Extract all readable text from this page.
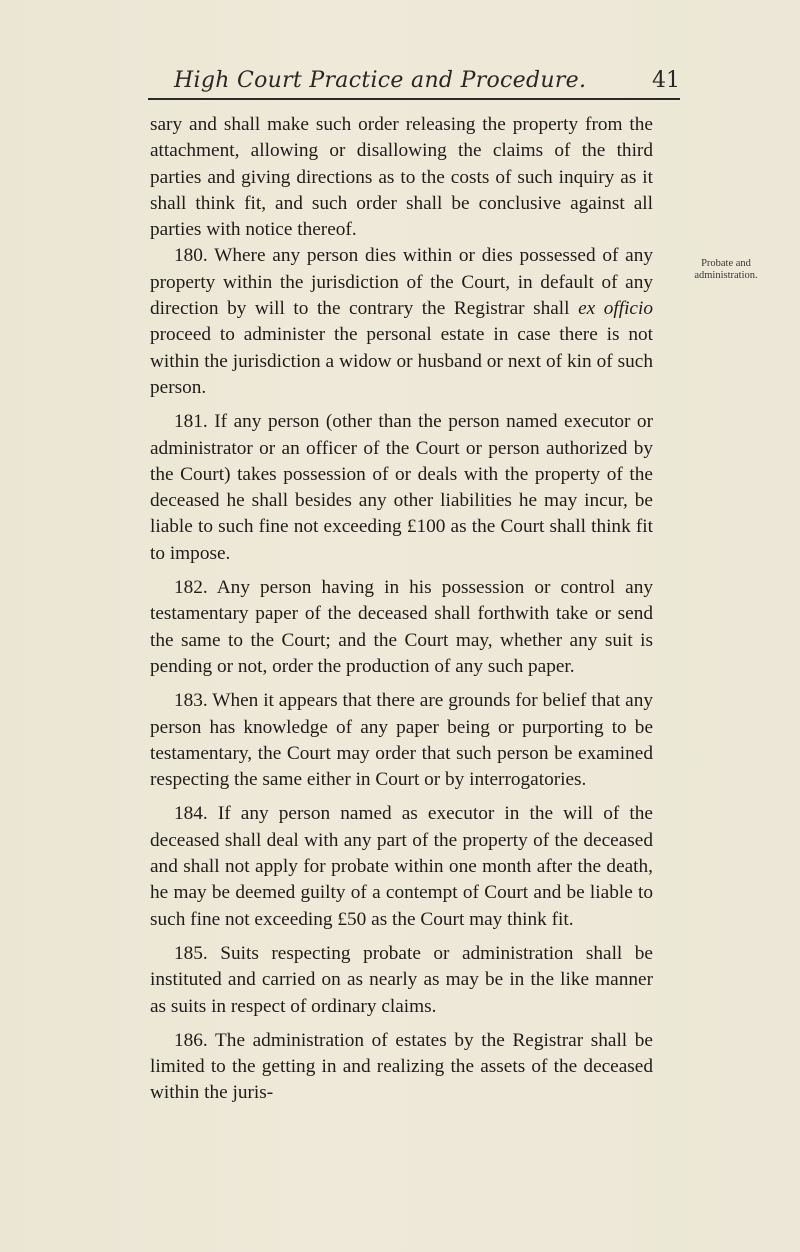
High Court Practice and Procedure.	41
Probate and
administration.

sary and shall make such order releasing the property from the attachment, allowing or disallowing the claims of the third parties and giving directions as to the costs of such inquiry as it shall think fit, and such order shall be conclusive against all parties with notice thereof.

180. Where any person dies within or dies possessed of any property within the jurisdiction of the Court, in default of any direction by will to the contrary the Registrar shall ex officio proceed to administer the personal estate in case there is not within the jurisdiction a widow or husband or next of kin of such person.

181. If any person (other than the person named executor or administrator or an officer of the Court or person authorized by the Court) takes possession of or deals with the property of the deceased he shall besides any other liabilities he may incur, be liable to such fine not exceeding £100 as the Court shall think fit to impose.

182. Any person having in his possession or control any testamentary paper of the deceased shall forthwith take or send the same to the Court; and the Court may, whether any suit is pending or not, order the production of any such paper.

183. When it appears that there are grounds for belief that any person has knowledge of any paper being or purporting to be testamentary, the Court may order that such person be examined respecting the same either in Court or by interrogatories.

184. If any person named as executor in the will of the deceased shall deal with any part of the property of the deceased and shall not apply for probate within one month after the death, he may be deemed guilty of a contempt of Court and be liable to such fine not exceeding £50 as the Court may think fit.

185. Suits respecting probate or administration shall be instituted and carried on as nearly as may be in the like manner as suits in respect of ordinary claims.

186. The administration of estates by the Registrar shall be limited to the getting in and realizing the assets of the deceased within the juris-
